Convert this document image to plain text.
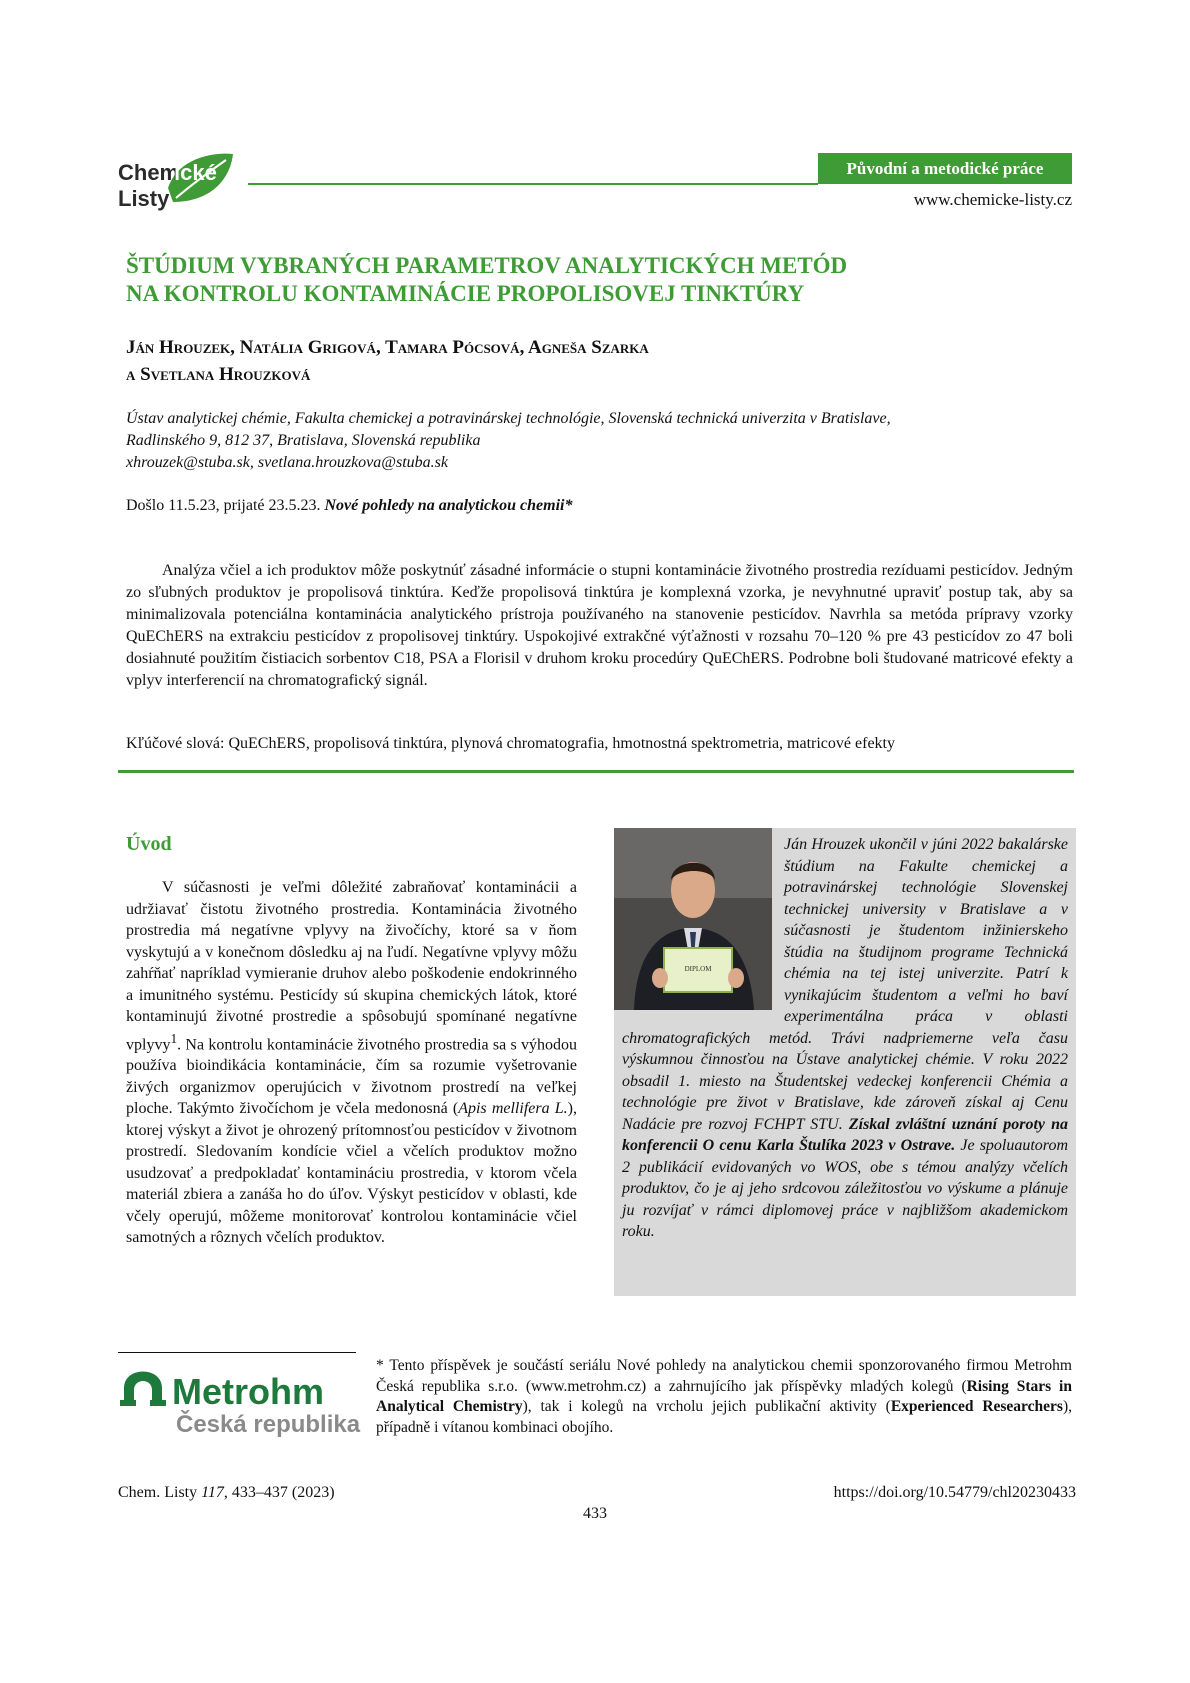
Chem
ické
Listy
Původní a metodické práce
www.chemicke-listy.cz
ŠTÚDIUM VYBRANÝCH PARAMETROV ANALYTICKÝCH METÓD
NA KONTROLU KONTAMINÁCIE PROPOLISOVEJ TINKTÚRY
Ján Hrouzek, Natália Grigová, Tamara Pócsová, Agneša Szarka
a Svetlana Hrouzková
Ústav analytickej chémie, Fakulta chemickej a potravinárskej technológie, Slovenská technická univerzita v Bratislave,
Radlinského 9, 812 37, Bratislava, Slovenská republika
xhrouzek@stuba.sk, svetlana.hrouzkova@stuba.sk
Došlo 11.5.23, prijaté 23.5.23. Nové pohledy na analytickou chemii*

Analýza včiel a ich produktov môže poskytnúť zásadné informácie o stupni kontaminácie životného prostredia rezíduami pesticídov. Jedným zo sľubných produktov je propolisová tinktúra. Keďže propolisová tinktúra je komplexná vzorka, je nevyhnutné upraviť postup tak, aby sa minimalizovala potenciálna kontaminácia analytického prístroja používaného na stanovenie pesticídov. Navrhla sa metóda prípravy vzorky QuEChERS na extrakciu pesticídov z propolisovej tinktúry. Uspokojivé extrakčné výťažnosti v rozsahu 70–120 % pre 43 pesticídov zo 47 boli dosiahnuté použitím čistiacich sorbentov C18, PSA a Florisil v druhom kroku procedúry QuEChERS. Podrobne boli študované matricové efekty a vplyv interferencií na chromatografický signál.

Kľúčové slová: QuEChERS, propolisová tinktúra, plynová chromatografia, hmotnostná spektrometria, matricové efekty
Úvod

V súčasnosti je veľmi dôležité zabraňovať kontaminácii a udržiavať čistotu životného prostredia. Kontaminácia životného prostredia má negatívne vplyvy na živočíchy, ktoré sa v ňom vyskytujú a v konečnom dôsledku aj na ľudí. Negatívne vplyvy môžu zahŕňať napríklad vymieranie druhov alebo poškodenie endokrinného a imunitného systému. Pesticídy sú skupina chemických látok, ktoré kontaminujú životné prostredie a spôsobujú spomínané negatívne vplyvy$^1$. Na kontrolu kontaminácie životného prostredia sa s výhodou používa bioindikácia kontaminácie, čím sa rozumie vyšetrovanie živých organizmov operujúcich v životnom prostredí na veľkej ploche. Takýmto živočíchom je včela medonosná (Apis mellifera L.), ktorej výskyt a život je ohrozený prítomnosťou pesticídov v životnom prostredí. Sledovaním kondície včiel a včelích produktov možno usudzovať a predpokladať kontamináciu prostredia, v ktorom včela materiál zbiera a zanáša ho do úľov. Výskyt pesticídov v oblasti, kde včely operujú, môžeme monitorovať kontrolou kontaminácie včiel samotných a rôznych včelích produktov.

DIPLOM

Ján Hrouzek ukončil v júni 2022 bakalárske štúdium na Fakulte chemickej a potravinárskej technológie Slovenskej technickej university v Bratislave a v súčasnosti je študentom inžinierskeho štúdia na študijnom programe Technická chémia na tej istej univerzite. Patrí k vynikajúcim študentom a veľmi ho baví experimentálna práca v oblasti chromatografických metód. Trávi nadpriemerne veľa času výskumnou činnosťou na Ústave analytickej chémie. V roku 2022 obsadil 1. miesto na Študentskej vedeckej konferencii Chémia a technológie pre život v Bratislave, kde zároveň získal aj Cenu Nadácie pre rozvoj FCHPT STU. Získal zvláštní uznání poroty na konferencii O cenu Karla Štulíka 2023 v Ostrave. Je spoluautorom 2 publikácií evidovaných vo WOS, obe s témou analýzy včelích produktov, čo je aj jeho srdcovou záležitosťou vo výskume a plánuje ju rozvíjať v rámci diplomovej práce v najbližšom akademickom roku.

Metrohm
Česká republika

* Tento příspěvek je součástí seriálu Nové pohledy na analytickou chemii sponzorovaného firmou Metrohm Česká republika s.r.o. (www.metrohm.cz) a zahrnujícího jak příspěvky mladých kolegů (Rising Stars in Analytical Chemistry), tak i kolegů na vrcholu jejich publikační aktivity (Experienced Researchers), případně i vítanou kombinaci obojího.

Chem. Listy 117, 433–437 (2023)	https://doi.org/10.54779/chl20230433
433
